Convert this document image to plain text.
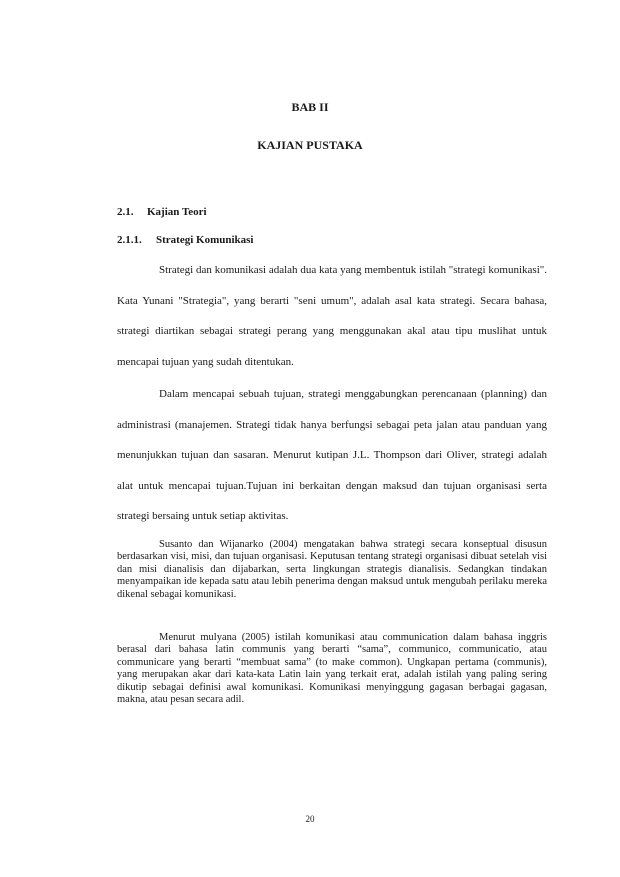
BAB II
KAJIAN PUSTAKA
2.1. Kajian Teori
2.1.1. Strategi Komunikasi

Strategi dan komunikasi adalah dua kata yang membentuk istilah "strategi komunikasi". Kata Yunani "Strategia", yang berarti "seni umum", adalah asal kata strategi. Secara bahasa, strategi diartikan sebagai strategi perang yang menggunakan akal atau tipu muslihat untuk mencapai tujuan yang sudah ditentukan.

Dalam mencapai sebuah tujuan, strategi menggabungkan perencanaan (planning) dan administrasi (manajemen. Strategi tidak hanya berfungsi sebagai peta jalan atau panduan yang menunjukkan tujuan dan sasaran. Menurut kutipan J.L. Thompson dari Oliver, strategi adalah alat untuk mencapai tujuan.Tujuan ini berkaitan dengan maksud dan tujuan organisasi serta strategi bersaing untuk setiap aktivitas.

Susanto dan Wijanarko (2004) mengatakan bahwa strategi secara konseptual disusun berdasarkan visi, misi, dan tujuan organisasi. Keputusan tentang strategi organisasi dibuat setelah visi dan misi dianalisis dan dijabarkan, serta lingkungan strategis dianalisis. Sedangkan tindakan menyampaikan ide kepada satu atau lebih penerima dengan maksud untuk mengubah perilaku mereka dikenal sebagai komunikasi.

Menurut mulyana (2005) istilah komunikasi atau communication dalam bahasa inggris berasal dari bahasa latin communis yang berarti “sama”, communico, communicatio, atau communicare yang berarti “membuat sama” (to make common). Ungkapan pertama (communis), yang merupakan akar dari kata-kata Latin lain yang terkait erat, adalah istilah yang paling sering dikutip sebagai definisi awal komunikasi. Komunikasi menyinggung gagasan berbagai gagasan, makna, atau pesan secara adil.

20
